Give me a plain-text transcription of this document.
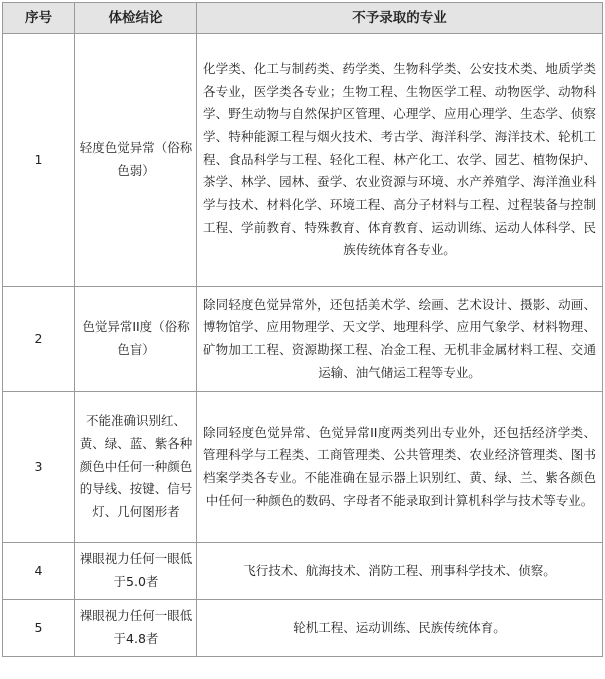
序号	体检结论	不予录取的专业
1	轻度色觉异常（俗称色弱）	化学类、化工与制药类、药学类、生物科学类、公安技术类、地质学类各专业，医学类各专业；生物工程、生物医学工程、动物医学、动物科学、野生动物与自然保护区管理、心理学、应用心理学、生态学、侦察学、特种能源工程与烟火技术、考古学、海洋科学、海洋技术、轮机工程、食品科学与工程、轻化工程、林产化工、农学、园艺、植物保护、茶学、林学、园林、蚕学、农业资源与环境、水产养殖学、海洋渔业科学与技术、材料化学、环境工程、高分子材料与工程、过程装备与控制工程、学前教育、特殊教育、体育教育、运动训练、运动人体科学、民族传统体育各专业。
2	色觉异常II度（俗称色盲）	除同轻度色觉异常外，还包括美术学、绘画、艺术设计、摄影、动画、博物馆学、应用物理学、天文学、地理科学、应用气象学、材料物理、矿物加工工程、资源勘探工程、冶金工程、无机非金属材料工程、交通运输、油气储运工程等专业。
3	不能准确识别红、黄、绿、蓝、紫各种颜色中任何一种颜色的导线、按键、信号灯、几何图形者	除同轻度色觉异常、色觉异常II度两类列出专业外，还包括经济学类、管理科学与工程类、工商管理类、公共管理类、农业经济管理类、图书档案学类各专业。不能准确在显示器上识别红、黄、绿、兰、紫各颜色中任何一种颜色的数码、字母者不能录取到计算机科学与技术等专业。
4	裸眼视力任何一眼低于5.0者	飞行技术、航海技术、消防工程、刑事科学技术、侦察。
5	裸眼视力任何一眼低于4.8者	轮机工程、运动训练、民族传统体育。
